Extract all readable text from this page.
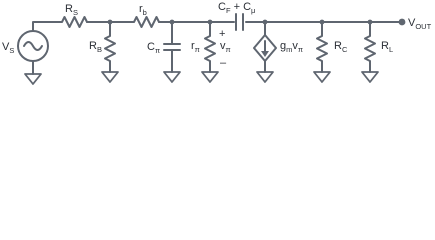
$V_S$
$R_S$
$R_B$
$r_b$
$C_\pi$	$r_\pi$
+
$v_\pi$
–
$C_F + C_\mu$
$g_mv_\pi$	$R_C$	$R_L$
$V_{OUT}$
